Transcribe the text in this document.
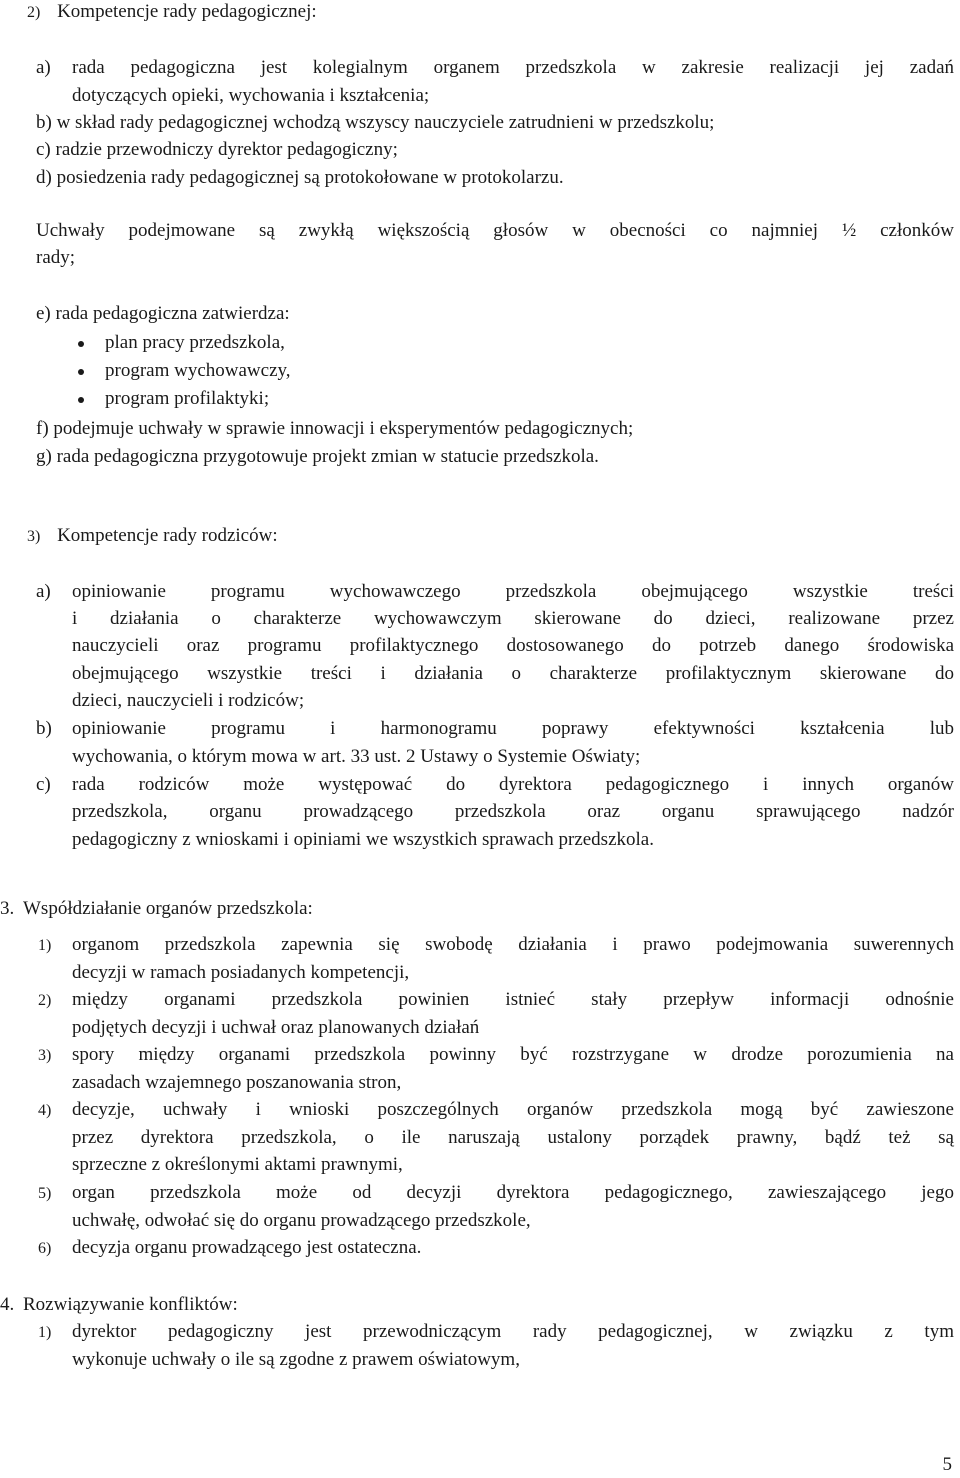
2) Kompetencje rady pedagogicznej:
a) rada pedagogiczna jest kolegialnym organem przedszkola w zakresie realizacji jej zadań
dotyczących opieki, wychowania i kształcenia;
b) w skład rady pedagogicznej wchodzą wszyscy nauczyciele zatrudnieni w przedszkolu;
c) radzie przewodniczy dyrektor pedagogiczny;
d) posiedzenia rady pedagogicznej są protokołowane w protokolarzu.
Uchwały podejmowane są zwykłą większością głosów w obecności co najmniej ½ członków
rady;
e) rada pedagogiczna zatwierdza:
plan pracy przedszkola,
program wychowawczy,
program profilaktyki;
f) podejmuje uchwały w sprawie innowacji i eksperymentów pedagogicznych;
g) rada pedagogiczna przygotowuje projekt zmian w statucie przedszkola.
3) Kompetencje rady rodziców:
a) opiniowanie programu wychowawczego przedszkola obejmującego wszystkie treści
i działania o charakterze wychowawczym skierowane do dzieci, realizowane przez
nauczycieli oraz programu profilaktycznego dostosowanego do potrzeb danego środowiska
obejmującego wszystkie treści i działania o charakterze profilaktycznym skierowane do
dzieci, nauczycieli i rodziców;
b) opiniowanie programu i harmonogramu poprawy efektywności kształcenia lub
wychowania, o którym mowa w art. 33 ust. 2 Ustawy o Systemie Oświaty;
c) rada rodziców może występować do dyrektora pedagogicznego i innych organów
przedszkola, organu prowadzącego przedszkola oraz organu sprawującego nadzór
pedagogiczny z wnioskami i opiniami we wszystkich sprawach przedszkola.
3. Współdziałanie organów przedszkola:
1) organom przedszkola zapewnia się swobodę działania i prawo podejmowania suwerennych
decyzji w ramach posiadanych kompetencji,
2) między organami przedszkola powinien istnieć stały przepływ informacji odnośnie
podjętych decyzji i uchwał oraz planowanych działań
3) spory między organami przedszkola powinny być rozstrzygane w drodze porozumienia na
zasadach wzajemnego poszanowania stron,
4) decyzje, uchwały i wnioski poszczególnych organów przedszkola mogą być zawieszone
przez dyrektora przedszkola, o ile naruszają ustalony porządek prawny, bądź też są
sprzeczne z określonymi aktami prawnymi,
5) organ przedszkola może od decyzji dyrektora pedagogicznego, zawieszającego jego
uchwałę, odwołać się do organu prowadzącego przedszkole,
6) decyzja organu prowadzącego jest ostateczna.
4. Rozwiązywanie konfliktów:
1) dyrektor pedagogiczny jest przewodniczącym rady pedagogicznej, w związku z tym
wykonuje uchwały o ile są zgodne z prawem oświatowym,
5
